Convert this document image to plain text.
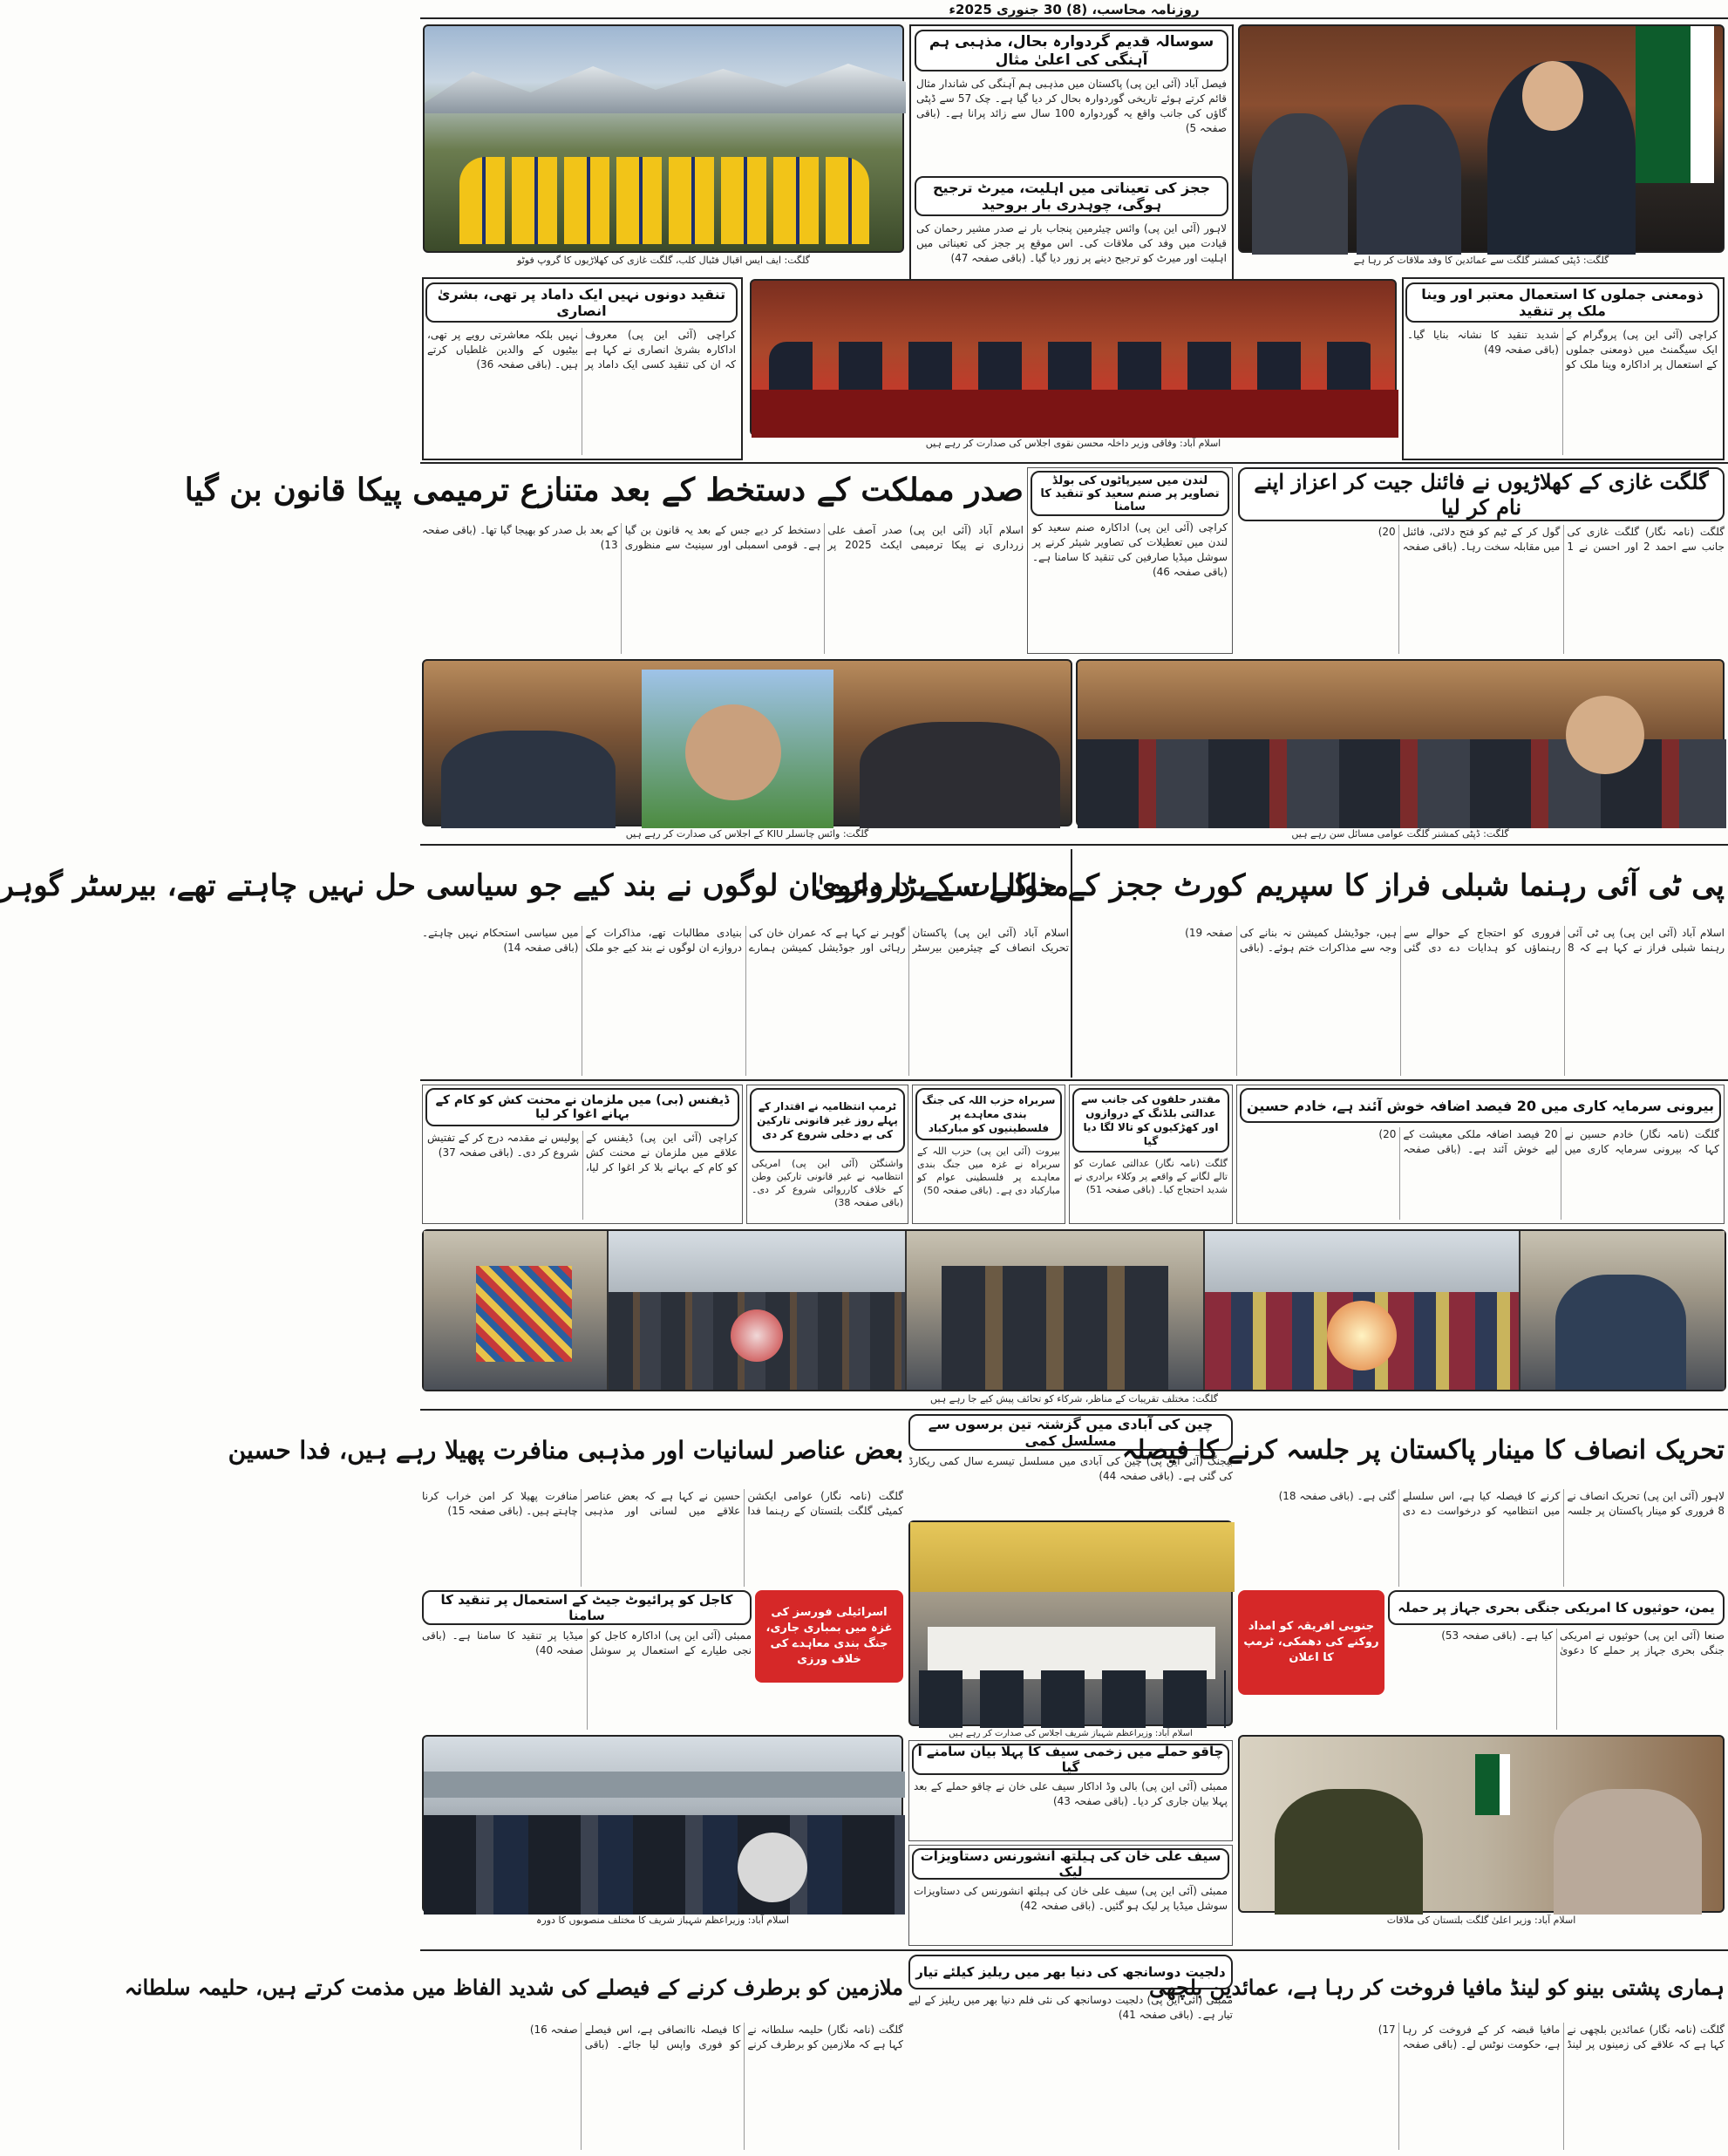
روزنامہ محاسب، (8) 30 جنوری 2025ء
گلگت: ایف ایس اقبال فٹبال کلب، گلگت غازی کی کھلاڑیوں کا گروپ فوٹو
سوسالہ قدیم گردوارہ بحال، مذہبی ہم آہنگی کی اعلیٰ مثال
فیصل آباد (آئی این پی) پاکستان میں مذہبی ہم آہنگی کی شاندار مثال قائم کرتے ہوئے تاریخی گوردوارہ بحال کر دیا گیا ہے۔ چک 57 سے ڈپٹی گاؤں کی جانب واقع یہ گوردوارہ 100 سال سے زائد پرانا ہے۔ (باقی صفحہ 5)
ججز کی تعیناتی میں اہلیت، میرٹ ترجیح ہوگی، چوہدری بار بروحید
لاہور (آئی این پی) وائس چیئرمین پنجاب بار نے صدر مشیر رحمان کی قیادت میں وفد کی ملاقات کی۔ اس موقع پر ججز کی تعیناتی میں اہلیت اور میرٹ کو ترجیح دینے پر زور دیا گیا۔ (باقی صفحہ 47)	گلگت: ڈپٹی کمشنر گلگت سے عمائدین کا وفد ملاقات کر رہا ہے
تنقید دونوں نہیں ایک داماد پر تھی، بشریٰ انصاری
کراچی (آئی این پی) معروف اداکارہ بشریٰ انصاری نے کہا ہے کہ ان کی تنقید کسی ایک داماد پر نہیں بلکہ معاشرتی رویے پر تھی، بیٹیوں کے والدین غلطیاں کرتے ہیں۔ (باقی صفحہ 36)
اسلام آباد: وفاقی وزیر داخلہ محسن نقوی اجلاس کی صدارت کر رہے ہیں
ذومعنی جملوں کا استعمال معتبر اور وینا ملک پر تنقید
کراچی (آئی این پی) پروگرام کے ایک سیگمنٹ میں ذومعنی جملوں کے استعمال پر اداکارہ وینا ملک کو شدید تنقید کا نشانہ بنایا گیا۔ (باقی صفحہ 49)
صدر مملکت کے دستخط کے بعد متنازع ترمیمی پیکا قانون بن گیا
اسلام آباد (آئی این پی) صدر آصف علی زرداری نے پیکا ترمیمی ایکٹ 2025 پر دستخط کر دیے جس کے بعد یہ قانون بن گیا ہے۔ قومی اسمبلی اور سینیٹ سے منظوری کے بعد بل صدر کو بھیجا گیا تھا۔ (باقی صفحہ 13)
لندن میں سیرپاٹوں کی بولڈ تصاویر پر صنم سعید کو تنقید کا سامنا
کراچی (آئی این پی) اداکارہ صنم سعید کو لندن میں تعطیلات کی تصاویر شیئر کرنے پر سوشل میڈیا صارفین کی تنقید کا سامنا ہے۔ (باقی صفحہ 46)
گلگت غازی کے کھلاڑیوں نے فائنل جیت کر اعزاز اپنے نام کر لیا
گلگت (نامہ نگار) گلگت غازی کی جانب سے احمد 2 اور احسن نے 1 گول کر کے ٹیم کو فتح دلائی، فائنل میں مقابلہ سخت رہا۔ (باقی صفحہ 20)
گلگت: وائس چانسلر KIU کے اجلاس کی صدارت کر رہے ہیں	گلگت: ڈپٹی کمشنر گلگت عوامی مسائل سن رہے ہیں
مذاکرات کے دروازے ان لوگوں نے بند کیے جو سیاسی حل نہیں چاہتے تھے، بیرسٹر گوہر
اسلام آباد (آئی این پی) پاکستان تحریک انصاف کے چیئرمین بیرسٹر گوہر نے کہا ہے کہ عمران خان کی رہائی اور جوڈیشل کمیشن ہمارے بنیادی مطالبات تھے، مذاکرات کے دروازے ان لوگوں نے بند کیے جو ملک میں سیاسی استحکام نہیں چاہتے۔ (باقی صفحہ 14)
پی ٹی آئی رہنما شبلی فراز کا سپریم کورٹ ججز کے حوالے سے بڑا دعویٰ
اسلام آباد (آئی این پی) پی ٹی آئی رہنما شبلی فراز نے کہا ہے کہ 8 فروری کو احتجاج کے حوالے سے رہنماؤں کو ہدایات دے دی گئی ہیں، جوڈیشل کمیشن نہ بنانے کی وجہ سے مذاکرات ختم ہوئے۔ (باقی صفحہ 19)
ڈیفنس (بی) میں ملزمان نے محنت کش کو کام کے بہانے اغوا کر لیا
کراچی (آئی این پی) ڈیفنس کے علاقے میں ملزمان نے محنت کش کو کام کے بہانے بلا کر اغوا کر لیا، پولیس نے مقدمہ درج کر کے تفتیش شروع کر دی۔ (باقی صفحہ 37)
ٹرمپ انتظامیہ نے اقتدار کے پہلے روز غیر قانونی تارکین کی بے دخلی شروع کر دی
واشنگٹن (آئی این پی) امریکی انتظامیہ نے غیر قانونی تارکین وطن کے خلاف کارروائی شروع کر دی۔ (باقی صفحہ 38)
سربراہ حزب اللہ کی جنگ بندی معاہدے پر فلسطینیوں کو مبارکباد
بیروت (آئی این پی) حزب اللہ کے سربراہ نے غزہ میں جنگ بندی معاہدے پر فلسطینی عوام کو مبارکباد دی ہے۔ (باقی صفحہ 50)
مقتدر حلقوں کی جانب سے عدالتی بلڈنگ کے دروازوں اور کھڑکیوں کو تالا لگا دیا گیا
گلگت (نامہ نگار) عدالتی عمارت کو تالے لگانے کے واقعے پر وکلاء برادری نے شدید احتجاج کیا۔ (باقی صفحہ 51)
بیرونی سرمایہ کاری میں 20 فیصد اضافہ خوش آئند ہے، خادم حسین
گلگت (نامہ نگار) خادم حسین نے کہا کہ بیرونی سرمایہ کاری میں 20 فیصد اضافہ ملکی معیشت کے لیے خوش آئند ہے۔ (باقی صفحہ 20)
گلگت: مختلف تقریبات کے مناظر، شرکاء کو تحائف پیش کیے جا رہے ہیں
بعض عناصر لسانیات اور مذہبی منافرت پھیلا رہے ہیں، فدا حسین
گلگت (نامہ نگار) عوامی ایکشن کمیٹی گلگت بلتستان کے رہنما فدا حسین نے کہا ہے کہ بعض عناصر علاقے میں لسانی اور مذہبی منافرت پھیلا کر امن خراب کرنا چاہتے ہیں۔ (باقی صفحہ 15)
اسرائیلی فورسز کی غزہ میں بمباری جاری، جنگ بندی معاہدے کی خلاف ورزی
کاجل کو پرائیوٹ جیٹ کے استعمال پر تنقید کا سامنا
ممبئی (آئی این پی) اداکارہ کاجل کو نجی طیارے کے استعمال پر سوشل میڈیا پر تنقید کا سامنا ہے۔ (باقی صفحہ 40)
چین کی آبادی میں گزشتہ تین برسوں سے مسلسل کمی
بیجنگ (آئی این پی) چین کی آبادی میں مسلسل تیسرے سال کمی ریکارڈ کی گئی ہے۔ (باقی صفحہ 44)
اسلام آباد: وزیراعظم شہباز شریف اجلاس کی صدارت کر رہے ہیں
تحریک انصاف کا مینار پاکستان پر جلسہ کرنے کا فیصلہ
لاہور (آئی این پی) تحریک انصاف نے 8 فروری کو مینار پاکستان پر جلسہ کرنے کا فیصلہ کیا ہے، اس سلسلے میں انتظامیہ کو درخواست دے دی گئی ہے۔ (باقی صفحہ 18)
جنوبی افریقہ کو امداد روکنے کی دھمکی، ٹرمپ کا اعلان
یمن، حوثیوں کا امریکی جنگی بحری جہاز پر حملہ
صنعا (آئی این پی) حوثیوں نے امریکی جنگی بحری جہاز پر حملے کا دعویٰ کیا ہے۔ (باقی صفحہ 53)
اسلام آباد: وزیراعظم شہباز شریف کا مختلف منصوبوں کا دورہ
چاقو حملے میں زخمی سیف کا پہلا بیان سامنے آ گیا
ممبئی (آئی این پی) بالی وڈ اداکار سیف علی خان نے چاقو حملے کے بعد پہلا بیان جاری کر دیا۔ (باقی صفحہ 43)
سیف علی خان کی ہیلتھ انشورنس دستاویزات لیک
ممبئی (آئی این پی) سیف علی خان کی ہیلتھ انشورنس کی دستاویزات سوشل میڈیا پر لیک ہو گئیں۔ (باقی صفحہ 42)
اسلام آباد: وزیر اعلیٰ گلگت بلتستان کی ملاقات
ملازمین کو برطرف کرنے کے فیصلے کی شدید الفاظ میں مذمت کرتے ہیں، حلیمہ سلطانہ
گلگت (نامہ نگار) حلیمہ سلطانہ نے کہا ہے کہ ملازمین کو برطرف کرنے کا فیصلہ ناانصافی ہے، اس فیصلے کو فوری واپس لیا جائے۔ (باقی صفحہ 16)
دلجیت دوسانجھ کی دنیا بھر میں ریلیز کیلئے تیار
ممبئی (آئی این پی) دلجیت دوسانجھ کی نئی فلم دنیا بھر میں ریلیز کے لیے تیار ہے۔ (باقی صفحہ 41)
ہماری پشتی بینو کو لینڈ مافیا فروخت کر رہا ہے، عمائدین بلچھی
گلگت (نامہ نگار) عمائدین بلچھی نے کہا ہے کہ علاقے کی زمینوں پر لینڈ مافیا قبضہ کر کے فروخت کر رہا ہے، حکومت نوٹس لے۔ (باقی صفحہ 17)
